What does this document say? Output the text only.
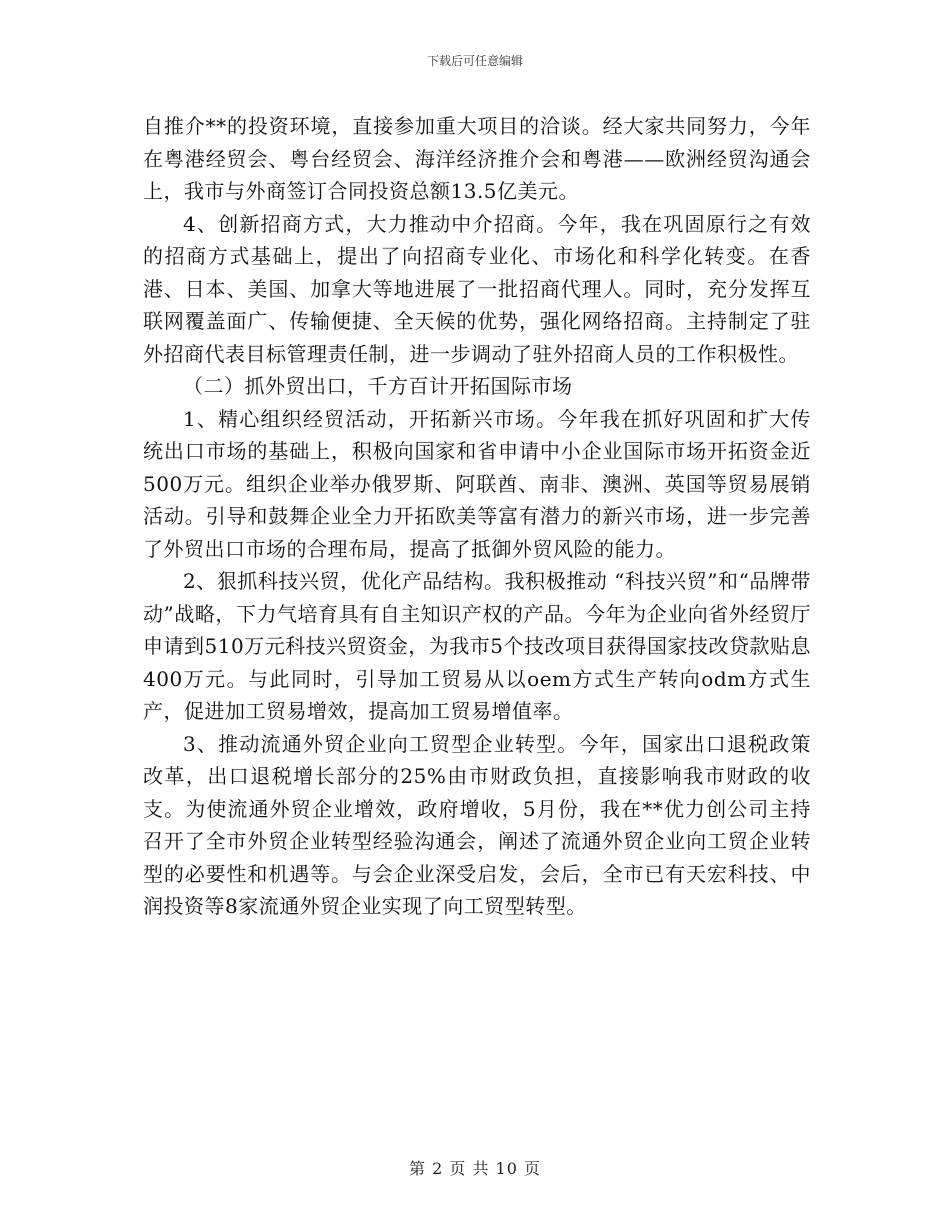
下载后可任意编辑

自推介**的投资环境，直接参加重大项目的洽谈。经大家共同努力，今年在粤港经贸会、粤台经贸会、海洋经济推介会和粤港——欧洲经贸沟通会上，我市与外商签订合同投资总额13.5亿美元。

4、创新招商方式，大力推动中介招商。今年，我在巩固原行之有效的招商方式基础上，提出了向招商专业化、市场化和科学化转变。在香港、日本、美国、加拿大等地进展了一批招商代理人。同时，充分发挥互联网覆盖面广、传输便捷、全天候的优势，强化网络招商。主持制定了驻外招商代表目标管理责任制，进一步调动了驻外招商人员的工作积极性。

（二）抓外贸出口，千方百计开拓国际市场

1、精心组织经贸活动，开拓新兴市场。今年我在抓好巩固和扩大传统出口市场的基础上，积极向国家和省申请中小企业国际市场开拓资金近500万元。组织企业举办俄罗斯、阿联酋、南非、澳洲、英国等贸易展销活动。引导和鼓舞企业全力开拓欧美等富有潜力的新兴市场，进一步完善了外贸出口市场的合理布局，提高了抵御外贸风险的能力。

2、狠抓科技兴贸，优化产品结构。我积极推动 “科技兴贸”和“品牌带动”战略，下力气培育具有自主知识产权的产品。今年为企业向省外经贸厅申请到510万元科技兴贸资金，为我市5个技改项目获得国家技改贷款贴息400万元。与此同时，引导加工贸易从以oem方式生产转向odm方式生产，促进加工贸易增效，提高加工贸易增值率。

3、推动流通外贸企业向工贸型企业转型。今年，国家出口退税政策改革，出口退税增长部分的25%由市财政负担，直接影响我市财政的收支。为使流通外贸企业增效，政府增收，5月份，我在**优力创公司主持召开了全市外贸企业转型经验沟通会，阐述了流通外贸企业向工贸企业转型的必要性和机遇等。与会企业深受启发，会后，全市已有天宏科技、中润投资等8家流通外贸企业实现了向工贸型转型。

第 2 页 共 10 页
